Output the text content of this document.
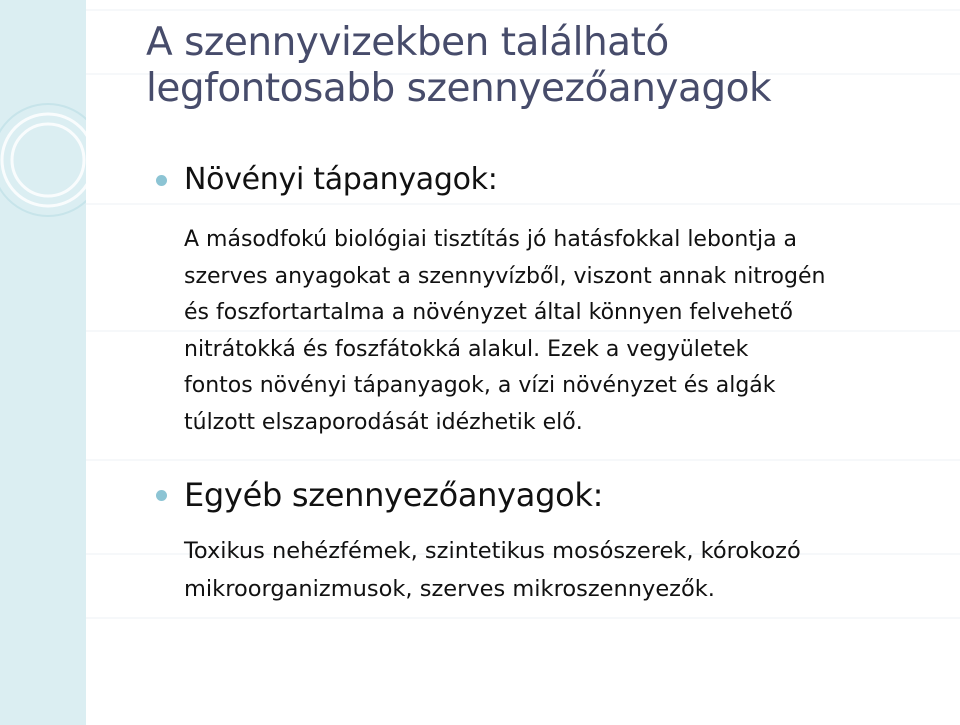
A szennyvizekben található
legfontosabb szennyezőanyagok
Növényi tápanyagok:
A másodfokú biológiai tisztítás jó hatásfokkal lebontja a
szerves anyagokat a szennyvízből, viszont annak nitrogén
és foszfortartalma a növényzet által könnyen felvehető
nitrátokká és foszfátokká alakul. Ezek a vegyületek
fontos növényi tápanyagok, a vízi növényzet és algák
túlzott elszaporodását idézhetik elő.
Egyéb szennyezőanyagok:
Toxikus nehézfémek, szintetikus mosószerek, kórokozó
mikroorganizmusok, szerves mikroszennyezők.
